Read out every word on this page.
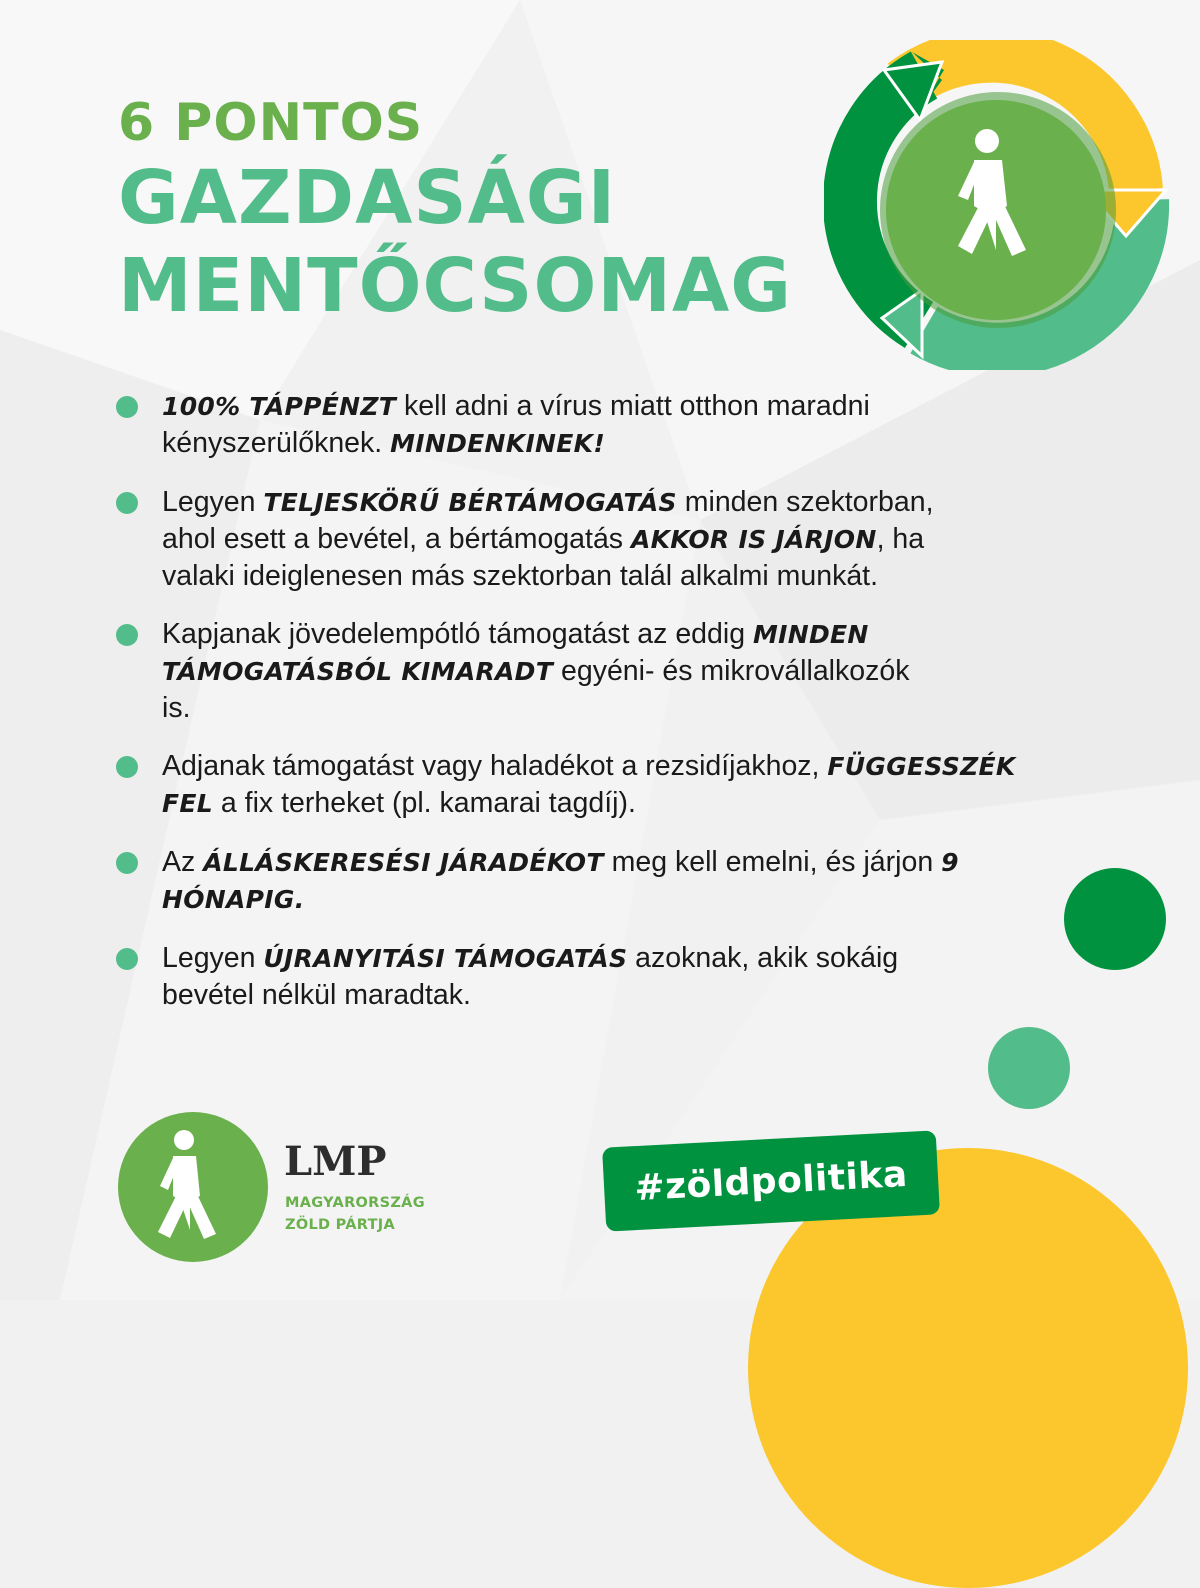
6 PONTOS
GAZDASÁGI
MENTŐCSOMAG
100% TÁPPÉNZT kell adni a vírus miatt otthon maradni kényszerülőknek. MINDENKINEK!
Legyen TELJESKÖRŰ BÉRTÁMOGATÁS minden szektorban, ahol esett a bevétel, a bértámogatás AKKOR IS JÁRJON, ha valaki ideiglenesen más szektorban talál alkalmi munkát.
Kapjanak jövedelempótló támogatást az eddig MINDEN TÁMOGATÁSBÓL KIMARADT egyéni- és mikrovállalkozók is.
Adjanak támogatást vagy haladékot a rezsidíjakhoz, FÜGGESSZÉK FEL a fix terheket (pl. kamarai tagdíj).
Az ÁLLÁSKERESÉSI JÁRADÉKOT meg kell emelni, és járjon 9 HÓNAPIG.
Legyen ÚJRANYITÁSI TÁMOGATÁS azoknak, akik sokáig bevétel nélkül maradtak.
LMP
MAGYARORSZÁG
ZÖLD PÁRTJA
#zöldpolitika
